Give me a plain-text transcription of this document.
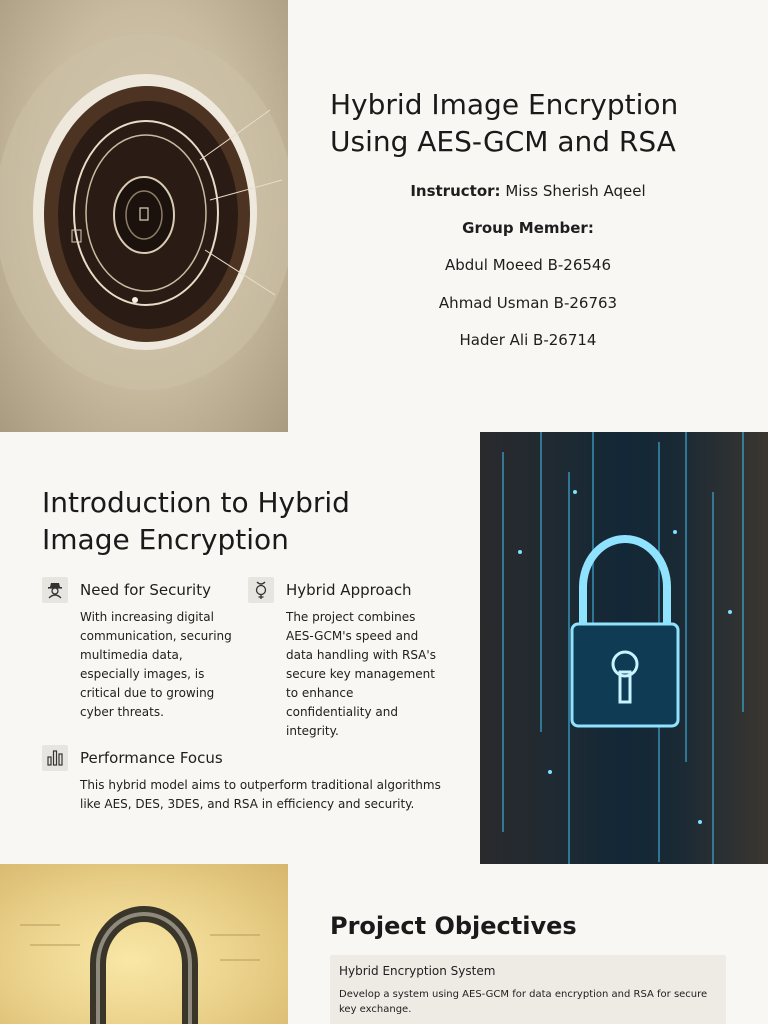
Hybrid Image Encryption Using AES-GCM and RSA

Instructor: Miss Sherish Aqeel

Group Member:

Abdul Moeed B-26546

Ahmad Usman B-26763

Hader Ali B-26714

Introduction to Hybrid Image Encryption
Need for Security
With increasing digital communication, securing multimedia data, especially images, is critical due to growing cyber threats.
Hybrid Approach
The project combines AES-GCM's speed and data handling with RSA's secure key management to enhance confidentiality and integrity.
Performance Focus
This hybrid model aims to outperform traditional algorithms like AES, DES, 3DES, and RSA in efficiency and security.
Project Objectives
Hybrid Encryption System
Develop a system using AES-GCM for data encryption and RSA for secure key exchange.
